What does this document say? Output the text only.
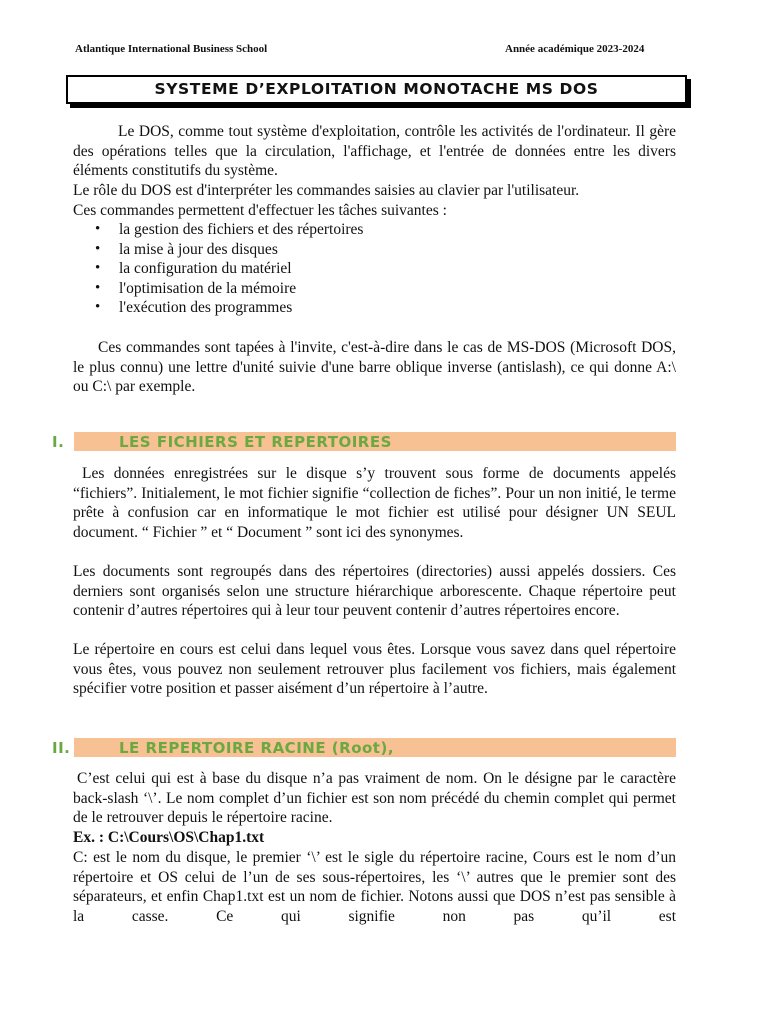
Atlantique International Business School	Année académique 2023-2024
SYSTEME D’EXPLOITATION MONOTACHE MS DOS
Le DOS, comme tout système d'exploitation, contrôle les activités de l'ordinateur. Il gère des opérations telles que la circulation, l'affichage, et l'entrée de données entre les divers éléments constitutifs du système.
Le rôle du DOS est d'interpréter les commandes saisies au clavier par l'utilisateur.
Ces commandes permettent d'effectuer les tâches suivantes :
• la gestion des fichiers et des répertoires
• la mise à jour des disques
• la configuration du matériel
• l'optimisation de la mémoire
• l'exécution des programmes
Ces commandes sont tapées à l'invite, c'est-à-dire dans le cas de MS-DOS (Microsoft DOS, le plus connu) une lettre d'unité suivie d'une barre oblique inverse (antislash), ce qui donne A:\ ou C:\ par exemple.
I.	LES FICHIERS ET REPERTOIRES
Les données enregistrées sur le disque s’y trouvent sous forme de documents appelés “fichiers”. Initialement, le mot fichier signifie “collection de fiches”. Pour un non initié, le terme prête à confusion car en informatique le mot fichier est utilisé pour désigner UN SEUL document. “ Fichier ” et “ Document ” sont ici des synonymes.
Les documents sont regroupés dans des répertoires (directories) aussi appelés dossiers. Ces derniers sont organisés selon une structure hiérarchique arborescente. Chaque répertoire peut contenir d’autres répertoires qui à leur tour peuvent contenir d’autres répertoires encore.
Le répertoire en cours est celui dans lequel vous êtes. Lorsque vous savez dans quel répertoire vous êtes, vous pouvez non seulement retrouver plus facilement vos fichiers, mais également spécifier votre position et passer aisément d’un répertoire à l’autre.
II.	LE REPERTOIRE RACINE (Root),
C’est celui qui est à base du disque n’a pas vraiment de nom. On le désigne par le caractère back-slash ‘\’. Le nom complet d’un fichier est son nom précédé du chemin complet qui permet de le retrouver depuis le répertoire racine.
Ex. : C:\Cours\OS\Chap1.txt
C: est le nom du disque, le premier ‘\’ est le sigle du répertoire racine, Cours est le nom d’un répertoire et OS celui de l’un de ses sous-répertoires, les ‘\’ autres que le premier sont des séparateurs, et enfin Chap1.txt est un nom de fichier. Notons aussi que DOS n’est pas sensible à la casse. Ce qui signifie non pas qu’il est
